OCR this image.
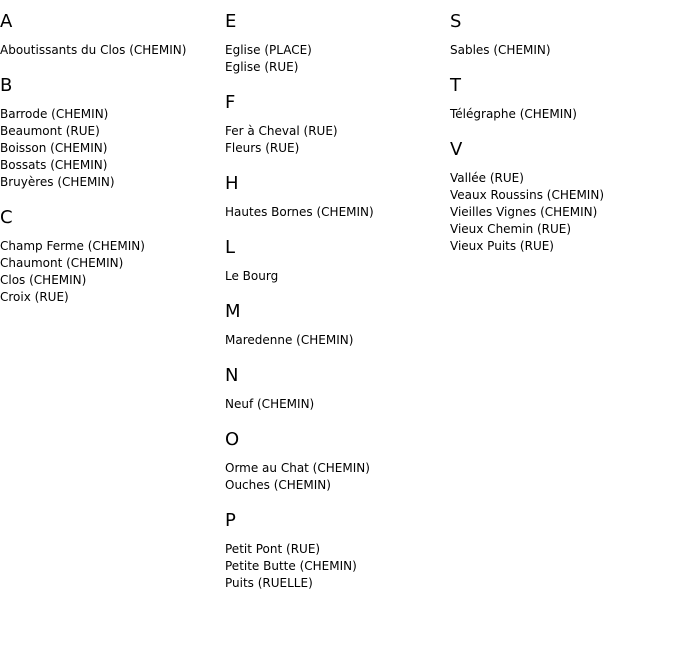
A
Aboutissants du Clos (CHEMIN)
B
Barrode (CHEMIN)
Beaumont (RUE)
Boisson (CHEMIN)
Bossats (CHEMIN)
Bruyères (CHEMIN)
C
Champ Ferme (CHEMIN)
Chaumont (CHEMIN)
Clos (CHEMIN)
Croix (RUE)
E
Eglise (PLACE)
Eglise (RUE)
F
Fer à Cheval (RUE)
Fleurs (RUE)
H
Hautes Bornes (CHEMIN)
L
Le Bourg
M
Maredenne (CHEMIN)
N
Neuf (CHEMIN)
O
Orme au Chat (CHEMIN)
Ouches (CHEMIN)
P
Petit Pont (RUE)
Petite Butte (CHEMIN)
Puits (RUELLE)
S
Sables (CHEMIN)
T
Télégraphe (CHEMIN)
V
Vallée (RUE)
Veaux Roussins (CHEMIN)
Vieilles Vignes (CHEMIN)
Vieux Chemin (RUE)
Vieux Puits (RUE)
